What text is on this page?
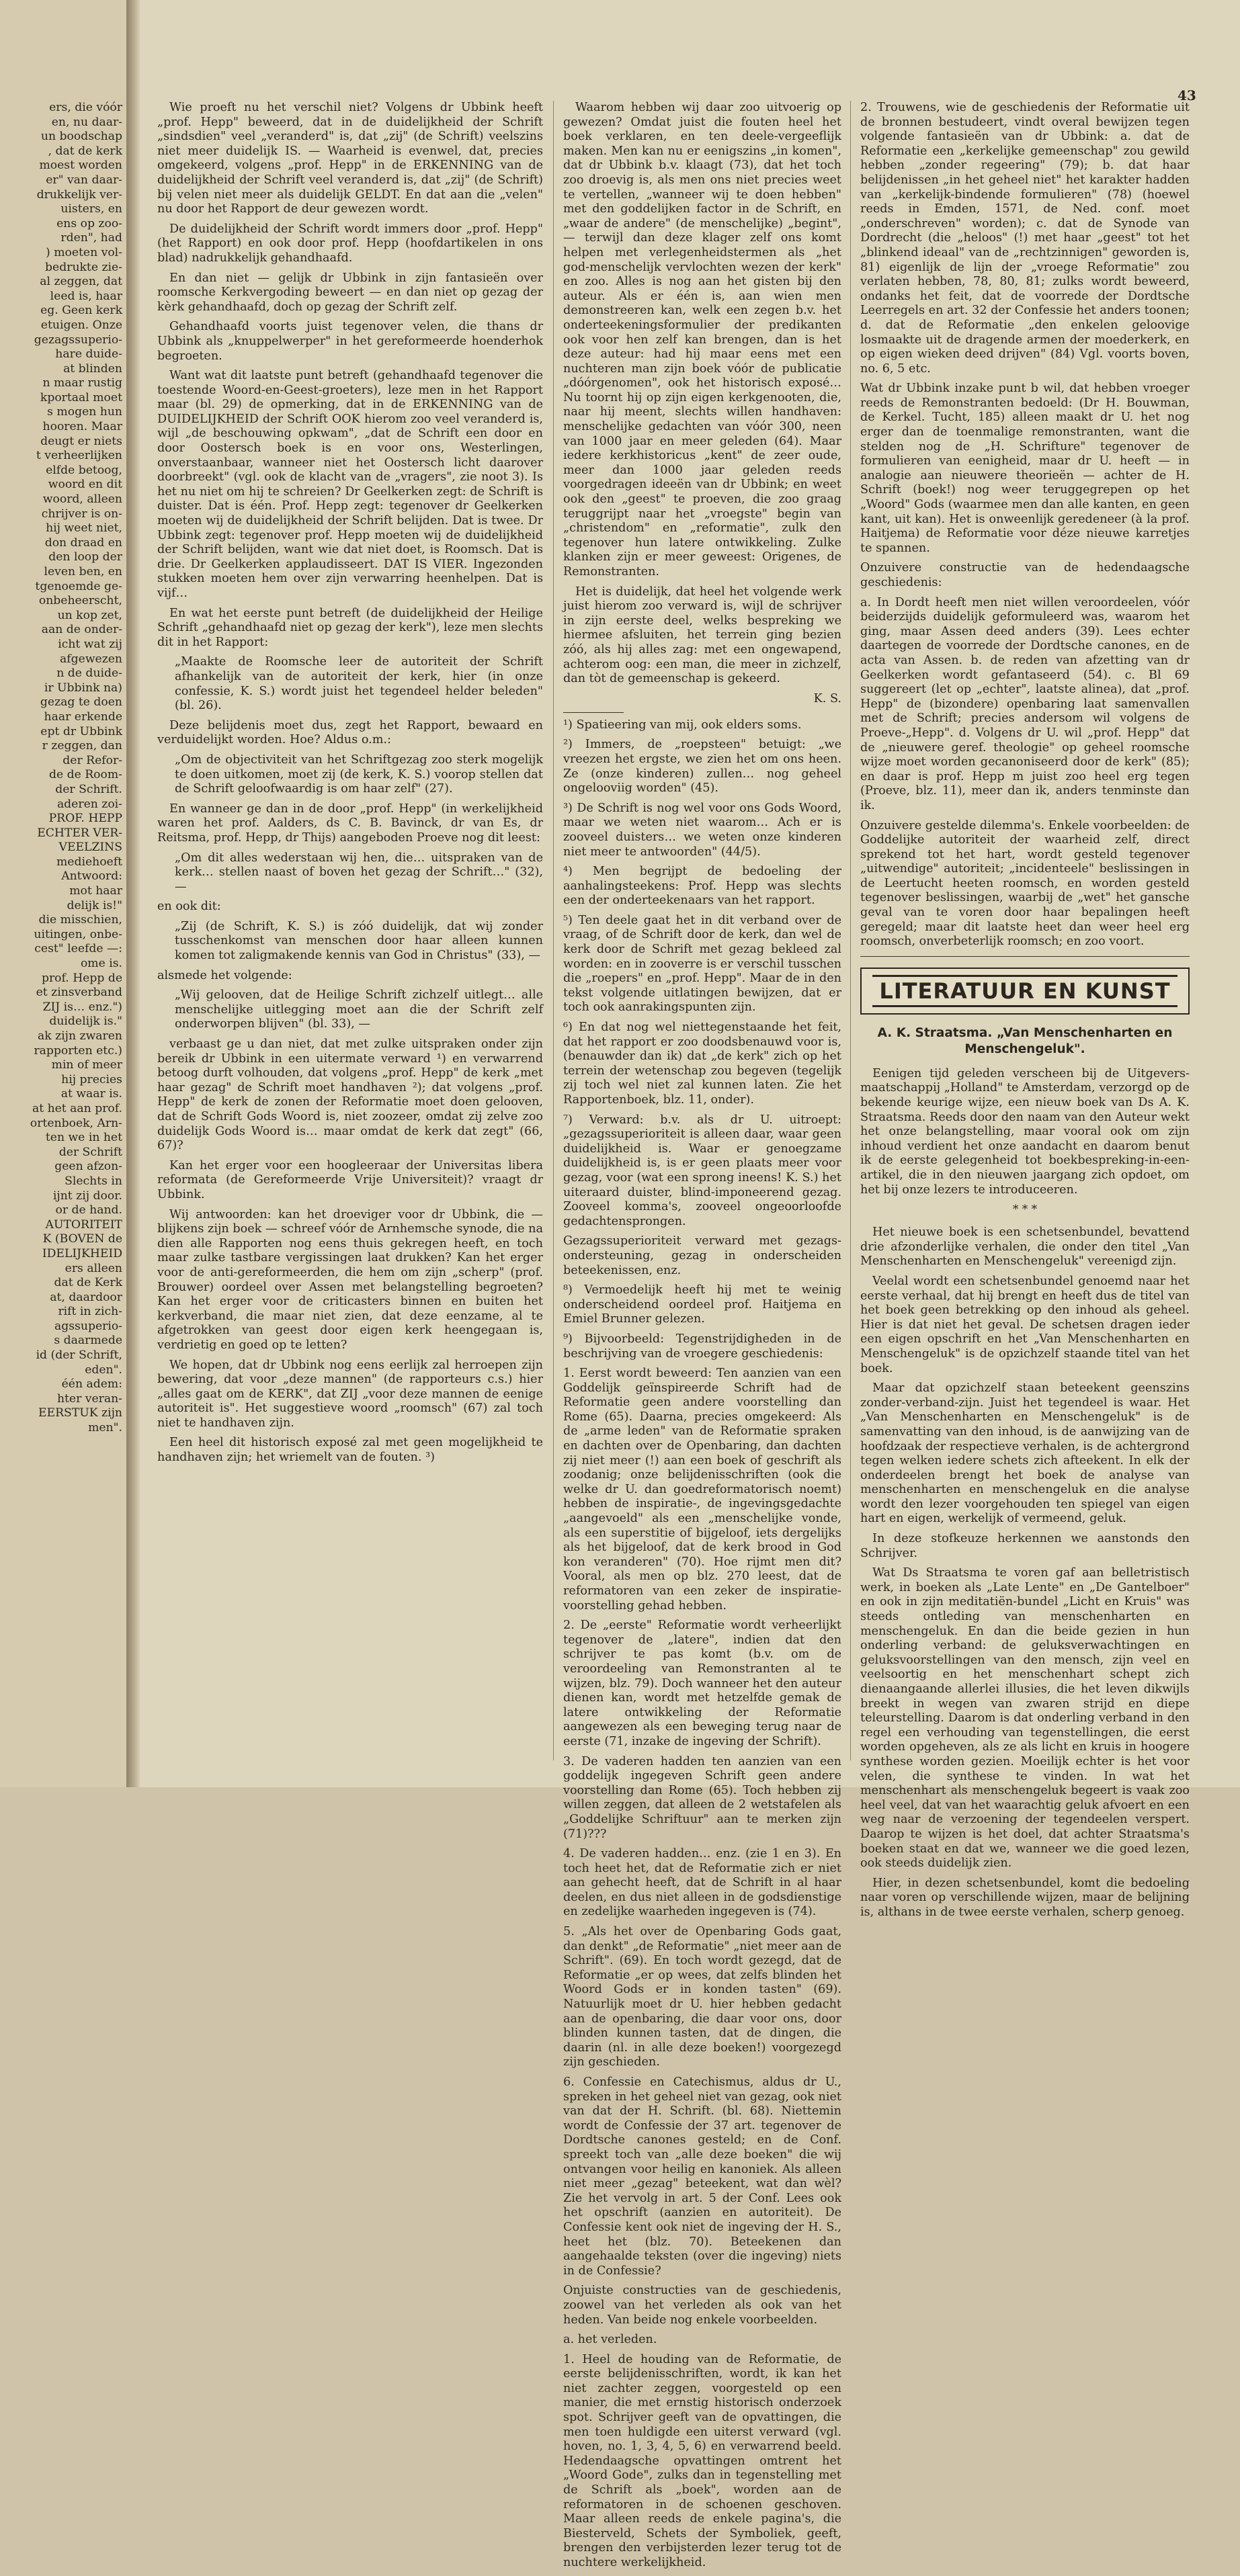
ers, die vóór
en, nu daar-
un boodschap
, dat de kerk
moest worden
er" van daar-
drukkelijk ver-
uisters, en
ens op zoo-
rden", had
) moeten vol-
bedrukte zie-
al zeggen, dat
leed is, haar
eg. Geen kerk
etuigen. Onze
gezagssuperio-
hare duide-
at blinden
n maar rustig
kportaal moet
s mogen hun
hooren. Maar
deugt er niets
t verheerlijken
elfde betoog,
woord en dit
woord, alleen
chrijver is on-
hij weet niet,
don draad en
den loop der
leven ben, en
tgenoemde ge-
onbeheerscht,
un kop zet,
aan de onder-
icht wat zij
afgewezen
n de duide-
ir Ubbink na)
gezag te doen
haar erkende
ept dr Ubbink
r zeggen, dan
der Refor-
de de Room-
der Schrift.
aderen zoi-
PROF. HEPP
ECHTER VER-
VEELZINS
mediehoeft
Antwoord:
mot haar
delijk is!"
die misschien,
uitingen, onbe-
cest" leefde —:
ome is.
prof. Hepp de
et zinsverband
ZIJ is… enz.")
duidelijk is."
ak zijn zwaren
rapporten etc.)
min of meer
hij precies
at waar is.
at het aan prof.
ortenboek, Arn-
ten we in het
der Schrift
geen afzon-
Slechts in
ijnt zij door.
or de hand.
AUTORITEIT
K (BOVEN de
IDELIJKHEID
ers alleen
dat de Kerk
at, daardoor
rift in zich-
agssuperio-
s daarmede
id (der Schrift,
eden".
één adem:
hter veran-
EERSTUK zijn
men".
43

Wie proeft nu het verschil niet? Volgens dr Ubbink heeft „prof. Hepp" beweerd, dat in de duidelijkheid der Schrift „sindsdien" veel „veranderd" is, dat „zij" (de Schrift) veelszins niet meer duidelijk IS. — Waarheid is evenwel, dat, precies omgekeerd, volgens „prof. Hepp" in de ERKENNING van de duidelijkheid der Schrift veel veranderd is, dat „zij" (de Schrift) bij velen niet meer als duidelijk GELDT. En dat aan die „velen" nu door het Rapport de deur gewezen wordt.

De duidelijkheid der Schrift wordt immers door „prof. Hepp" (het Rapport) en ook door prof. Hepp (hoofdartikelen in ons blad) nadrukkelijk gehandhaafd.

En dan niet — gelijk dr Ubbink in zijn fantasieën over roomsche Kerkvergoding beweert — en dan niet op gezag der kèrk gehandhaafd, doch op gezag der Schrift zelf.

Gehandhaafd voorts juist tegenover velen, die thans dr Ubbink als „knuppelwerper" in het gereformeerde hoenderhok begroeten.

Want wat dit laatste punt betreft (gehandhaafd tegenover die toestende Woord-en-Geest-groeters), leze men in het Rapport maar (bl. 29) de opmerking, dat in de ERKENNING van de DUIDELIJKHEID der Schrift OOK hierom zoo veel veranderd is, wijl „de beschouwing opkwam", „dat de Schrift een door en door Oostersch boek is en voor ons, Westerlingen, onverstaanbaar, wanneer niet het Oostersch licht daarover doorbreekt" (vgl. ook de klacht van de „vragers", zie noot 3). Is het nu niet om hij te schreien? Dr Geelkerken zegt: de Schrift is duister. Dat is één. Prof. Hepp zegt: tegenover dr Geelkerken moeten wij de duidelijkheid der Schrift belijden. Dat is twee. Dr Ubbink zegt: tegenover prof. Hepp moeten wij de duidelijkheid der Schrift belijden, want wie dat niet doet, is Roomsch. Dat is drie. Dr Geelkerken applaudisseert. DAT IS VIER. Ingezonden stukken moeten hem over zijn verwarring heenhelpen. Dat is vijf…

En wat het eerste punt betreft (de duidelijkheid der Heilige Schrift „gehandhaafd niet op gezag der kerk"), leze men slechts dit in het Rapport:

„Maakte de Roomsche leer de autoriteit der Schrift afhankelijk van de autoriteit der kerk, hier (in onze confessie, K. S.) wordt juist het tegendeel helder beleden" (bl. 26).

Deze belijdenis moet dus, zegt het Rapport, bewaard en verduidelijkt worden. Hoe? Aldus o.m.:

„Om de objectiviteit van het Schriftgezag zoo sterk mogelijk te doen uitkomen, moet zij (de kerk, K. S.) voorop stellen dat de Schrift geloofwaardig is om haar zelf" (27).

En wanneer ge dan in de door „prof. Hepp" (in werkelijkheid waren het prof. Aalders, ds C. B. Bavinck, dr van Es, dr Reitsma, prof. Hepp, dr Thijs) aangeboden Proeve nog dit leest:

„Om dit alles wederstaan wij hen, die… uitspraken van de kerk… stellen naast of boven het gezag der Schrift…" (32), —

en ook dit:

„Zij (de Schrift, K. S.) is zóó duidelijk, dat wij zonder tusschenkomst van menschen door haar alleen kunnen komen tot zaligmakende kennis van God in Christus" (33), —

alsmede het volgende:

„Wij gelooven, dat de Heilige Schrift zichzelf uitlegt… alle menschelijke uitlegging moet aan die der Schrift zelf onderworpen blijven" (bl. 33), —

verbaast ge u dan niet, dat met zulke uitspraken onder zijn bereik dr Ubbink in een uitermate verward ¹) en verwarrend betoog durft volhouden, dat volgens „prof. Hepp" de kerk „met haar gezag" de Schrift moet handhaven ²); dat volgens „prof. Hepp" de kerk de zonen der Reformatie moet doen gelooven, dat de Schrift Gods Woord is, niet zoozeer, omdat zij zelve zoo duidelijk Gods Woord is… maar omdat de kerk dat zegt" (66, 67)?

Kan het erger voor een hoogleeraar der Universitas libera reformata (de Gereformeerde Vrije Universiteit)? vraagt dr Ubbink.

Wij antwoorden: kan het droeviger voor dr Ubbink, die — blijkens zijn boek — schreef vóór de Arnhemsche synode, die na dien alle Rapporten nog eens thuis gekregen heeft, en toch maar zulke tastbare vergissingen laat drukken? Kan het erger voor de anti-gereformeerden, die hem om zijn „scherp" (prof. Brouwer) oordeel over Assen met belangstelling begroeten? Kan het erger voor de criticasters binnen en buiten het kerkverband, die maar niet zien, dat deze eenzame, al te afgetrokken van geest door eigen kerk heengegaan is, verdrietig en goed op te letten?

We hopen, dat dr Ubbink nog eens eerlijk zal herroepen zijn bewering, dat voor „deze mannen" (de rapporteurs c.s.) hier „alles gaat om de KERK", dat ZIJ „voor deze mannen de eenige autoriteit is". Het suggestieve woord „roomsch" (67) zal toch niet te handhaven zijn.

Een heel dit historisch exposé zal met geen mogelijkheid te handhaven zijn; het wriemelt van de fouten. ³)

Waarom hebben wij daar zoo uitvoerig op gewezen? Omdat juist die fouten heel het boek verklaren, en ten deele-vergeeflijk maken. Men kan nu er eenigszins „in komen", dat dr Ubbink b.v. klaagt (73), dat het toch zoo droevig is, als men ons niet precies weet te vertellen, „wanneer wij te doen hebben" met den goddelijken factor in de Schrift, en „waar de andere" (de menschelijke) „begint", — terwijl dan deze klager zelf ons komt helpen met verlegenheidstermen als „het god-menschelijk vervlochten wezen der kerk" en zoo. Alles is nog aan het gisten bij den auteur. Als er één is, aan wien men demonstreeren kan, welk een zegen b.v. het onderteekeningsformulier der predikanten ook voor hen zelf kan brengen, dan is het deze auteur: had hij maar eens met een nuchteren man zijn boek vóór de publicatie „dóórgenomen", ook het historisch exposé… Nu toornt hij op zijn eigen kerkgenooten, die, naar hij meent, slechts willen handhaven: menschelijke gedachten van vóór 300, neen van 1000 jaar en meer geleden (64). Maar iedere kerkhistoricus „kent" de zeer oude, meer dan 1000 jaar geleden reeds voorgedragen ideeën van dr Ubbink; en weet ook den „geest" te proeven, die zoo graag teruggrijpt naar het „vroegste" begin van „christendom" en „reformatie", zulk den tegenover hun latere ontwikkeling. Zulke klanken zijn er meer geweest: Origenes, de Remonstranten.

Het is duidelijk, dat heel het volgende werk juist hierom zoo verward is, wijl de schrijver in zijn eerste deel, welks bespreking we hiermee afsluiten, het terrein ging bezien zóó, als hij alles zag: met een ongewapend, achterom oog: een man, die meer in zichzelf, dan tòt de gemeenschap is gekeerd.

K. S.

¹) Spatieering van mij, ook elders soms.

²) Immers, de „roepsteen" betuigt: „we vreezen het ergste, we zien het om ons heen. Ze (onze kinderen) zullen… nog geheel ongelooviig worden" (45).

³) De Schrift is nog wel voor ons Gods Woord, maar we weten niet waarom… Ach er is zooveel duisters… we weten onze kinderen niet meer te antwoorden" (44/5).

⁴) Men begrijpt de bedoeling der aanhalingsteekens: Prof. Hepp was slechts een der onderteekenaars van het rapport.

⁵) Ten deele gaat het in dit verband over de vraag, of de Schrift door de kerk, dan wel de kerk door de Schrift met gezag bekleed zal worden: en in zooverre is er verschil tusschen die „roepers" en „prof. Hepp". Maar de in den tekst volgende uitlatingen bewijzen, dat er toch ook aanrakingspunten zijn.

⁶) En dat nog wel niettegenstaande het feit, dat het rapport er zoo doodsbenauwd voor is, (benauwder dan ik) dat „de kerk" zich op het terrein der wetenschap zou begeven (tegelijk zij toch wel niet zal kunnen laten. Zie het Rapportenboek, blz. 11, onder).

⁷) Verward: b.v. als dr U. uitroept: „gezagssuperioriteit is alleen daar, waar geen duidelijkheid is. Waar er genoegzame duidelijkheid is, is er geen plaats meer voor gezag, voor (wat een sprong ineens! K. S.) het uiteraard duister, blind-imponeerend gezag. Zooveel komma's, zooveel ongeoorloofde gedachtensprongen.

Gezagssuperioriteit verward met gezags-ondersteuning, gezag in onderscheiden beteekenissen, enz.

⁸) Vermoedelijk heeft hij met te weinig onderscheidend oordeel prof. Haitjema en Emiel Brunner gelezen.

⁹) Bijvoorbeeld: Tegenstrijdigheden in de beschrijving van de vroegere geschiedenis:

1. Eerst wordt beweerd: Ten aanzien van een Goddelijk geïnspireerde Schrift had de Reformatie geen andere voorstelling dan Rome (65). Daarna, precies omgekeerd: Als de „arme leden" van de Reformatie spraken en dachten over de Openbaring, dan dachten zij niet meer (!) aan een boek of geschrift als zoodanig; onze belijdenisschriften (ook die welke dr U. dan goedreformatorisch noemt) hebben de inspiratie-, de ingevingsgedachte „aangevoeld" als een „menschelijke vonde, als een superstitie of bijgeloof, iets dergelijks als het bijgeloof, dat de kerk brood in God kon veranderen" (70). Hoe rijmt men dit? Vooral, als men op blz. 270 leest, dat de reformatoren van een zeker de inspiratie-voorstelling gehad hebben.

2. De „eerste" Reformatie wordt verheerlijkt tegenover de „latere", indien dat den schrijver te pas komt (b.v. om de veroordeeling van Remonstranten al te wijzen, blz. 79). Doch wanneer het den auteur dienen kan, wordt met hetzelfde gemak de latere ontwikkeling der Reformatie aangewezen als een beweging terug naar de eerste (71, inzake de ingeving der Schrift).

3. De vaderen hadden ten aanzien van een goddelijk ingegeven Schrift geen andere voorstelling dan Rome (65). Toch hebben zij willen zeggen, dat alleen de 2 wetstafelen als „Goddelijke Schriftuur" aan te merken zijn (71)???

4. De vaderen hadden… enz. (zie 1 en 3). En toch heet het, dat de Reformatie zich er niet aan gehecht heeft, dat de Schrift in al haar deelen, en dus niet alleen in de godsdienstige en zedelijke waarheden ingegeven is (74).

5. „Als het over de Openbaring Gods gaat, dan denkt" „de Reformatie" „niet meer aan de Schrift". (69). En toch wordt gezegd, dat de Reformatie „er op wees, dat zelfs blinden het Woord Gods er in konden tasten" (69). Natuurlijk moet dr U. hier hebben gedacht aan de openbaring, die daar voor ons, door blinden kunnen tasten, dat de dingen, die daarin (nl. in alle deze boeken!) voorgezegd zijn geschieden.

6. Confessie en Catechismus, aldus dr U., spreken in het geheel niet van gezag, ook niet van dat der H. Schrift. (bl. 68). Niettemin wordt de Confessie der 37 art. tegenover de Dordtsche canones gesteld; en de Conf. spreekt toch van „alle deze boeken" die wij ontvangen voor heilig en kanoniek. Als alleen niet meer „gezag" beteekent, wat dan wèl? Zie het vervolg in art. 5 der Conf. Lees ook het opschrift (aanzien en autoriteit). De Confessie kent ook niet de ingeving der H. S., heet het (blz. 70). Beteekenen dan aangehaalde teksten (over die ingeving) niets in de Confessie?

Onjuiste constructies van de geschiedenis, zoowel van het verleden als ook van het heden. Van beide nog enkele voorbeelden.

a. het verleden.

1. Heel de houding van de Reformatie, de eerste belijdenisschriften, wordt, ik kan het niet zachter zeggen, voorgesteld op een manier, die met ernstig historisch onderzoek spot. Schrijver geeft van de opvattingen, die men toen huldigde een uiterst verward (vgl. hoven, no. 1, 3, 4, 5, 6) en verwarrend beeld. Hedendaagsche opvattingen omtrent het „Woord Gode", zulks dan in tegenstelling met de Schrift als „boek", worden aan de reformatoren in de schoenen geschoven. Maar alleen reeds de enkele pagina's, die Biesterveld, Schets der Symboliek, geeft, brengen den verbijsterden lezer terug tot de nuchtere werkelijkheid.

2. Trouwens, wie de geschiedenis der Reformatie uit de bronnen bestudeert, vindt overal bewijzen tegen volgende fantasieën van dr Ubbink: a. dat de Reformatie een „kerkelijke gemeenschap" zou gewild hebben „zonder regeering" (79); b. dat haar belijdenissen „in het geheel niet" het karakter hadden van „kerkelijk-bindende formulieren" (78) (hoewel reeds in Emden, 1571, de Ned. conf. moet „onderschreven" worden); c. dat de Synode van Dordrecht (die „heloos" (!) met haar „geest" tot het „blinkend ideaal" van de „rechtzinnigen" geworden is, 81) eigenlijk de lijn der „vroege Reformatie" zou verlaten hebben, 78, 80, 81; zulks wordt beweerd, ondanks het feit, dat de voorrede der Dordtsche Leerregels en art. 32 der Confessie het anders toonen; d. dat de Reformatie „den enkelen geloovige losmaakte uit de dragende armen der moederkerk, en op eigen wieken deed drijven" (84) Vgl. voorts boven, no. 6, 5 etc.

Wat dr Ubbink inzake punt b wil, dat hebben vroeger reeds de Remonstranten bedoeld: (Dr H. Bouwman, de Kerkel. Tucht, 185) alleen maakt dr U. het nog erger dan de toenmalige remonstranten, want die stelden nog de „H. Schrifture" tegenover de formulieren van eenigheid, maar dr U. heeft — in analogie aan nieuwere theorieën — achter de H. Schrift (boek!) nog weer teruggegrepen op het „Woord" Gods (waarmee men dan alle kanten, en geen kant, uit kan). Het is onweenlijk geredeneer (à la prof. Haitjema) de Reformatie voor déze nieuwe karretjes te spannen.

Onzuivere constructie van de hedendaagsche geschiedenis:

a. In Dordt heeft men niet willen veroordeelen, vóór beiderzijds duidelijk geformuleerd was, waarom het ging, maar Assen deed anders (39). Lees echter daartegen de voorrede der Dordtsche canones, en de acta van Assen. b. de reden van afzetting van dr Geelkerken wordt gefantaseerd (54). c. Bl 69 suggereert (let op „echter", laatste alinea), dat „prof. Hepp" de (bizondere) openbaring laat samenvallen met de Schrift; precies andersom wil volgens de Proeve-„Hepp". d. Volgens dr U. wil „prof. Hepp" dat de „nieuwere geref. theologie" op geheel roomsche wijze moet worden gecanoniseerd door de kerk" (85); en daar is prof. Hepp m juist zoo heel erg tegen (Proeve, blz. 11), meer dan ik, anders tenminste dan ik.

Onzuivere gestelde dilemma's. Enkele voorbeelden: de Goddelijke autoriteit der waarheid zelf, direct sprekend tot het hart, wordt gesteld tegenover „uitwendige" autoriteit; „incidenteele" beslissingen in de Leertucht heeten roomsch, en worden gesteld tegenover beslissingen, waarbij de „wet" het gansche geval van te voren door haar bepalingen heeft geregeld; maar dit laatste heet dan weer heel erg roomsch, onverbeterlijk roomsch; en zoo voort.

LITERATUUR EN KUNST
A. K. Straatsma. „Van Menschenharten en Menschengeluk".

Eenigen tijd geleden verscheen bij de Uitgevers-maatschappij „Holland" te Amsterdam, verzorgd op de bekende keurige wijze, een nieuw boek van Ds A. K. Straatsma. Reeds door den naam van den Auteur wekt het onze belangstelling, maar vooral ook om zijn inhoud verdient het onze aandacht en daarom benut ik de eerste gelegenheid tot boekbespreking-in-een-artikel, die in den nieuwen jaargang zich opdoet, om het bij onze lezers te introduceeren.

* * *

Het nieuwe boek is een schetsenbundel, bevattend drie afzonderlijke verhalen, die onder den titel „Van Menschenharten en Menschengeluk" vereenigd zijn.

Veelal wordt een schetsenbundel genoemd naar het eerste verhaal, dat hij brengt en heeft dus de titel van het boek geen betrekking op den inhoud als geheel. Hier is dat niet het geval. De schetsen dragen ieder een eigen opschrift en het „Van Menschenharten en Menschengeluk" is de opzichzelf staande titel van het boek.

Maar dat opzichzelf staan beteekent geenszins zonder-verband-zijn. Juist het tegendeel is waar. Het „Van Menschenharten en Menschengeluk" is de samenvatting van den inhoud, is de aanwijzing van de hoofdzaak der respectieve verhalen, is de achtergrond tegen welken iedere schets zich afteekent. In elk der onderdeelen brengt het boek de analyse van menschenharten en menschengeluk en die analyse wordt den lezer voorgehouden ten spiegel van eigen hart en eigen, werkelijk of vermeend, geluk.

In deze stofkeuze herkennen we aanstonds den Schrijver.

Wat Ds Straatsma te voren gaf aan belletristisch werk, in boeken als „Late Lente" en „De Gantelboer" en ook in zijn meditatiën-bundel „Licht en Kruis" was steeds ontleding van menschenharten en menschengeluk. En dan die beide gezien in hun onderling verband: de geluksverwachtingen en geluksvoorstellingen van den mensch, zijn veel en veelsoortig en het menschenhart schept zich dienaangaande allerlei illusies, die het leven dikwijls breekt in wegen van zwaren strijd en diepe teleurstelling. Daarom is dat onderling verband in den regel een verhouding van tegenstellingen, die eerst worden opgeheven, als ze als licht en kruis in hoogere synthese worden gezien. Moeilijk echter is het voor velen, die synthese te vinden. In wat het menschenhart als menschengeluk begeert is vaak zoo heel veel, dat van het waarachtig geluk afvoert en een weg naar de verzoening der tegendeelen verspert. Daarop te wijzen is het doel, dat achter Straatsma's boeken staat en dat we, wanneer we die goed lezen, ook steeds duidelijk zien.

Hier, in dezen schetsenbundel, komt die bedoeling naar voren op verschillende wijzen, maar de belijning is, althans in de twee eerste verhalen, scherp genoeg.
